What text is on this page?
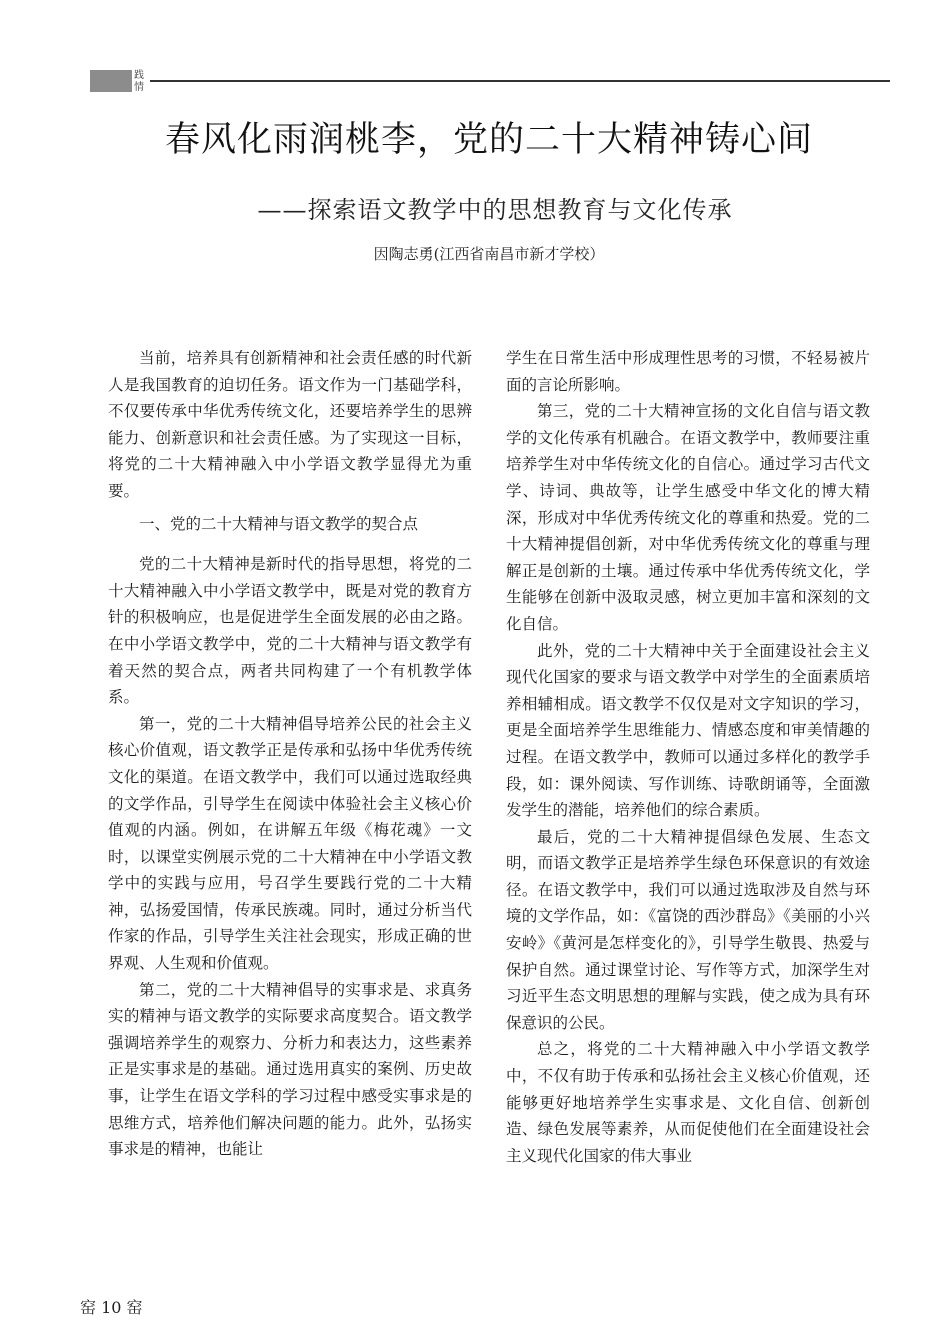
践情
春风化雨润桃李，党的二十大精神铸心间
——探索语文教学中的思想教育与文化传承
因陶志勇(江西省南昌市新才学校）

当前，培养具有创新精神和社会责任感的时代新人是我国教育的迫切任务。语文作为一门基础学科，不仅要传承中华优秀传统文化，还要培养学生的思辨能力、创新意识和社会责任感。为了实现这一目标，将党的二十大精神融入中小学语文教学显得尤为重要。

一、党的二十大精神与语文教学的契合点

党的二十大精神是新时代的指导思想，将党的二十大精神融入中小学语文教学中，既是对党的教育方针的积极响应，也是促进学生全面发展的必由之路。在中小学语文教学中，党的二十大精神与语文教学有着天然的契合点，两者共同构建了一个有机教学体系。

第一，党的二十大精神倡导培养公民的社会主义核心价值观，语文教学正是传承和弘扬中华优秀传统文化的渠道。在语文教学中，我们可以通过选取经典的文学作品，引导学生在阅读中体验社会主义核心价值观的内涵。例如，在讲解五年级《梅花魂》一文时，以课堂实例展示党的二十大精神在中小学语文教学中的实践与应用，号召学生要践行党的二十大精神，弘扬爱国情，传承民族魂。同时，通过分析当代作家的作品，引导学生关注社会现实，形成正确的世界观、人生观和价值观。

第二，党的二十大精神倡导的实事求是、求真务实的精神与语文教学的实际要求高度契合。语文教学强调培养学生的观察力、分析力和表达力，这些素养正是实事求是的基础。通过选用真实的案例、历史故事，让学生在语文学科的学习过程中感受实事求是的思维方式，培养他们解决问题的能力。此外，弘扬实事求是的精神，也能让

学生在日常生活中形成理性思考的习惯，不轻易被片面的言论所影响。

第三，党的二十大精神宣扬的文化自信与语文教学的文化传承有机融合。在语文教学中，教师要注重培养学生对中华传统文化的自信心。通过学习古代文学、诗词、典故等，让学生感受中华文化的博大精深，形成对中华优秀传统文化的尊重和热爱。党的二十大精神提倡创新，对中华优秀传统文化的尊重与理解正是创新的土壤。通过传承中华优秀传统文化，学生能够在创新中汲取灵感，树立更加丰富和深刻的文化自信。

此外，党的二十大精神中关于全面建设社会主义现代化国家的要求与语文教学中对学生的全面素质培养相辅相成。语文教学不仅仅是对文字知识的学习，更是全面培养学生思维能力、情感态度和审美情趣的过程。在语文教学中，教师可以通过多样化的教学手段，如：课外阅读、写作训练、诗歌朗诵等，全面激发学生的潜能，培养他们的综合素质。

最后，党的二十大精神提倡绿色发展、生态文明，而语文教学正是培养学生绿色环保意识的有效途径。在语文教学中，我们可以通过选取涉及自然与环境的文学作品，如：《富饶的西沙群岛》《美丽的小兴安岭》《黄河是怎样变化的》，引导学生敬畏、热爱与保护自然。通过课堂讨论、写作等方式，加深学生对习近平生态文明思想的理解与实践，使之成为具有环保意识的公民。

总之，将党的二十大精神融入中小学语文教学中，不仅有助于传承和弘扬社会主义核心价值观，还能够更好地培养学生实事求是、文化自信、创新创造、绿色发展等素养，从而促使他们在全面建设社会主义现代化国家的伟大事业

窑 10 窑
